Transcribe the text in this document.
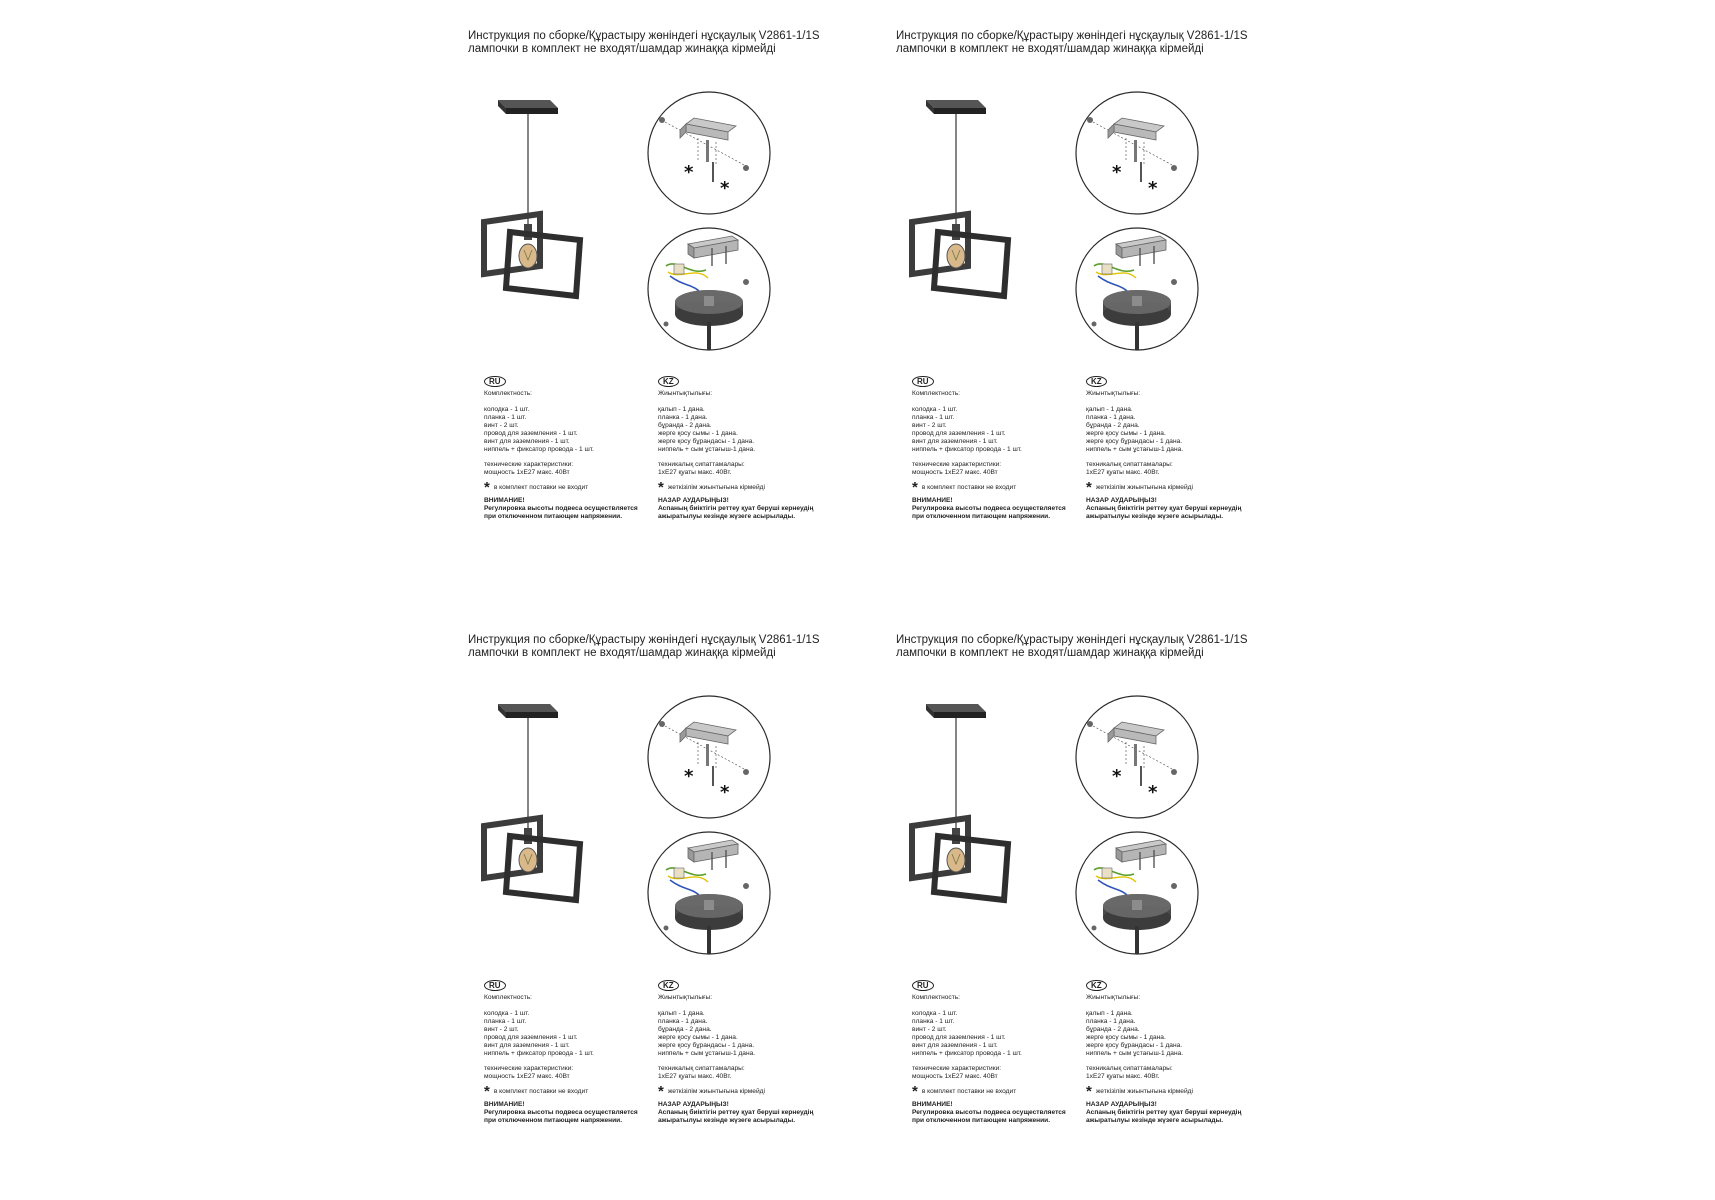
Инструкция по сборке/Құрастыру жөніндегі нұсқаулық V2861-1/1S
лампочки в комплект не входят/шамдар жинаққа кірмейді
*
*
RU

Комплектность:

колодка - 1 шт.

планка - 1 шт.

винт - 2 шт.

провод для заземления - 1 шт.

винт для заземления - 1 шт.

ниппель + фиксатор провода - 1 шт.

технические характеристики:

мощность 1xE27 макс. 40Вт

* в комплект поставки не входит

ВНИМАНИЕ!

Регулировка высоты подвеса осуществляется

при отключенном питающем напряжении.

KZ

Жиынтықтылығы:

қалып - 1 дана.

планка - 1 дана.

бұранда - 2 дана.

жерге қосу сымы - 1 дана.

жерге қосу бұрандасы - 1 дана.

ниппель + сым ұстағыш-1 дана.

техникалық сипаттамалары:

1xE27 қуаты макс. 40Вт.

* жеткізілім жиынтығына кірмейді

НАЗАР АУДАРЫҢЫЗ!

Аспаның биіктігін реттеу қуат беруші кернеудің

ажыратылуы кезінде жүзеге асырылады.

Инструкция по сборке/Құрастыру жөніндегі нұсқаулық V2861-1/1S
лампочки в комплект не входят/шамдар жинаққа кірмейді
*
*
RU

Комплектность:

колодка - 1 шт.

планка - 1 шт.

винт - 2 шт.

провод для заземления - 1 шт.

винт для заземления - 1 шт.

ниппель + фиксатор провода - 1 шт.

технические характеристики:

мощность 1xE27 макс. 40Вт

* в комплект поставки не входит

ВНИМАНИЕ!

Регулировка высоты подвеса осуществляется

при отключенном питающем напряжении.

KZ

Жиынтықтылығы:

қалып - 1 дана.

планка - 1 дана.

бұранда - 2 дана.

жерге қосу сымы - 1 дана.

жерге қосу бұрандасы - 1 дана.

ниппель + сым ұстағыш-1 дана.

техникалық сипаттамалары:

1xE27 қуаты макс. 40Вт.

* жеткізілім жиынтығына кірмейді

НАЗАР АУДАРЫҢЫЗ!

Аспаның биіктігін реттеу қуат беруші кернеудің

ажыратылуы кезінде жүзеге асырылады.

Инструкция по сборке/Құрастыру жөніндегі нұсқаулық V2861-1/1S
лампочки в комплект не входят/шамдар жинаққа кірмейді
*
*
RU

Комплектность:

колодка - 1 шт.

планка - 1 шт.

винт - 2 шт.

провод для заземления - 1 шт.

винт для заземления - 1 шт.

ниппель + фиксатор провода - 1 шт.

технические характеристики:

мощность 1xE27 макс. 40Вт

* в комплект поставки не входит

ВНИМАНИЕ!

Регулировка высоты подвеса осуществляется

при отключенном питающем напряжении.

KZ

Жиынтықтылығы:

қалып - 1 дана.

планка - 1 дана.

бұранда - 2 дана.

жерге қосу сымы - 1 дана.

жерге қосу бұрандасы - 1 дана.

ниппель + сым ұстағыш-1 дана.

техникалық сипаттамалары:

1xE27 қуаты макс. 40Вт.

* жеткізілім жиынтығына кірмейді

НАЗАР АУДАРЫҢЫЗ!

Аспаның биіктігін реттеу қуат беруші кернеудің

ажыратылуы кезінде жүзеге асырылады.

Инструкция по сборке/Құрастыру жөніндегі нұсқаулық V2861-1/1S
лампочки в комплект не входят/шамдар жинаққа кірмейді
*
*
RU

Комплектность:

колодка - 1 шт.

планка - 1 шт.

винт - 2 шт.

провод для заземления - 1 шт.

винт для заземления - 1 шт.

ниппель + фиксатор провода - 1 шт.

технические характеристики:

мощность 1xE27 макс. 40Вт

* в комплект поставки не входит

ВНИМАНИЕ!

Регулировка высоты подвеса осуществляется

при отключенном питающем напряжении.

KZ

Жиынтықтылығы:

қалып - 1 дана.

планка - 1 дана.

бұранда - 2 дана.

жерге қосу сымы - 1 дана.

жерге қосу бұрандасы - 1 дана.

ниппель + сым ұстағыш-1 дана.

техникалық сипаттамалары:

1xE27 қуаты макс. 40Вт.

* жеткізілім жиынтығына кірмейді

НАЗАР АУДАРЫҢЫЗ!

Аспаның биіктігін реттеу қуат беруші кернеудің

ажыратылуы кезінде жүзеге асырылады.
